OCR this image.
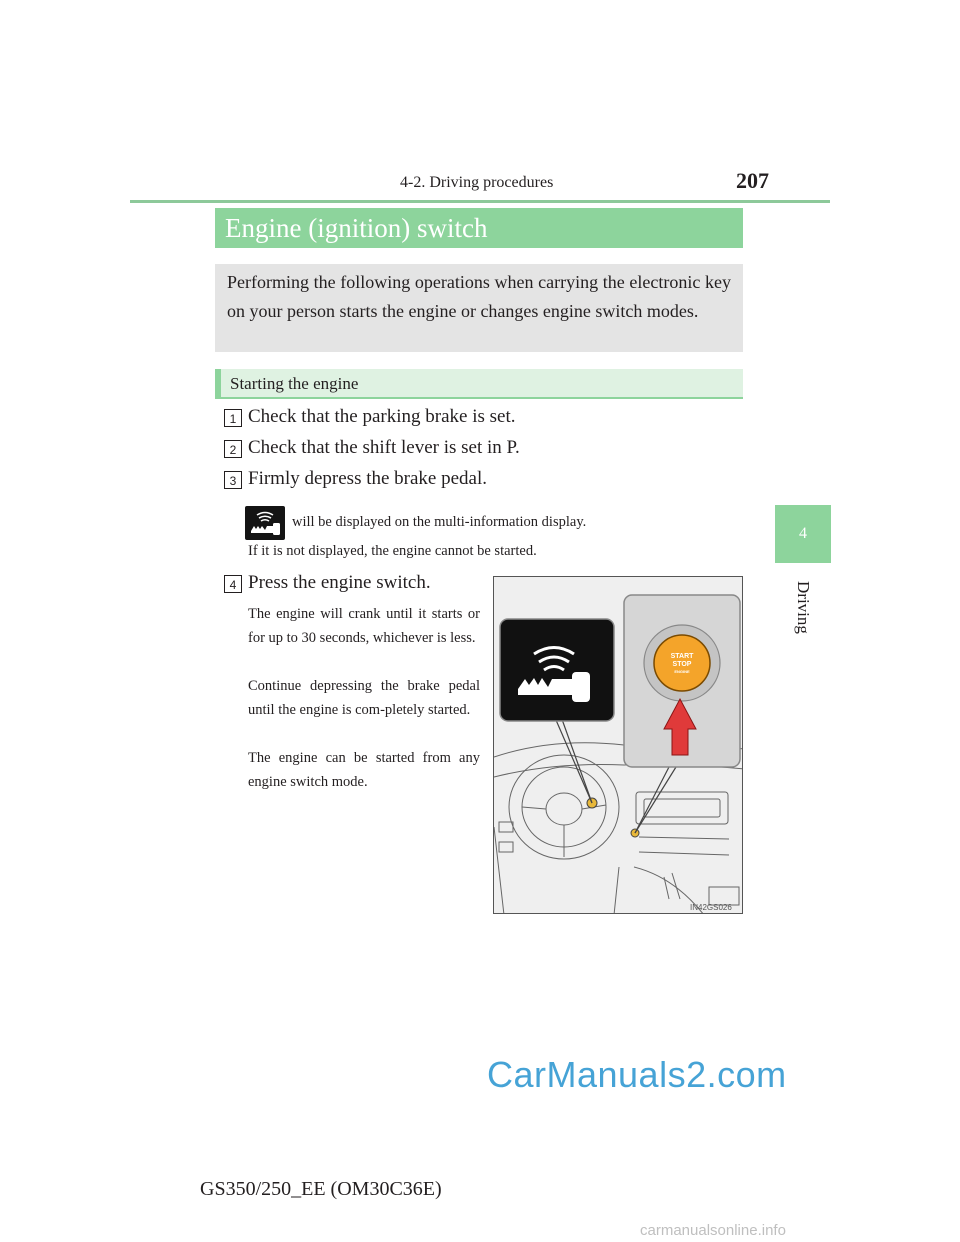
4-2. Driving procedures	207
4
Driving
Engine (ignition) switch
Performing the following operations when carrying the electronic key on your person starts the engine or changes engine switch modes.
Starting the engine
1 Check that the parking brake is set.
2 Check that the shift lever is set in P.
3 Firmly depress the brake pedal.
will be displayed on the multi-information display.
If it is not displayed, the engine cannot be started.
4 Press the engine switch.
The engine will crank until it starts or for up to 30 seconds, whichever is less.
Continue depressing the brake pedal until the engine is com-pletely started.
The engine can be started from any engine switch mode.
START
STOP
ENGINE
IN42GS026
CarManuals2.com
GS350/250_EE (OM30C36E)
carmanualsonline.info
